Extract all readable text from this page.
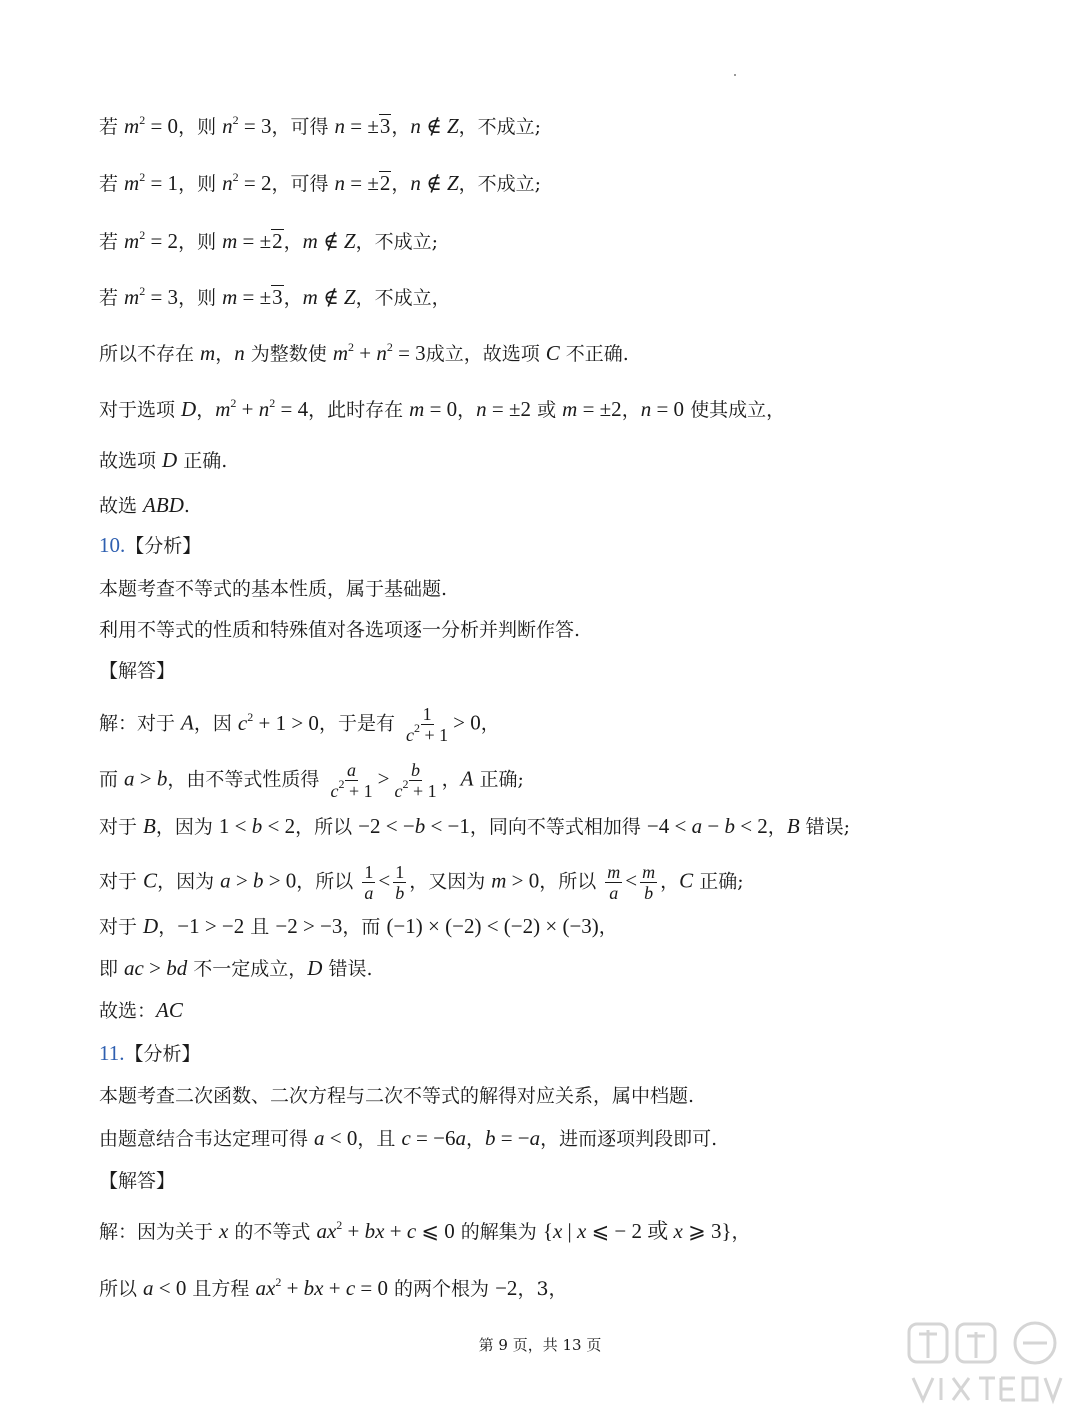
若 $m^2 = 0$，则 $n^2 = 3$，可得 n = ±3，n ∉ Z，不成立;
若 $m^2 = 1$，则 $n^2 = 2$，可得 n = ±2，n ∉ Z，不成立;
若 $m^2 = 2$，则 m = ±2，m ∉ Z，不成立;
若 $m^2 = 3$，则 m = ±3，m ∉ Z，不成立，
所以不存在 m，n 为整数使 $m^2 + n^2 = 3$成立，故选项 C 不正确.
对于选项 D，$m^2 + n^2 = 4$，此时存在 m = 0，n = ±2 或 m = ±2，n = 0 使其成立，
故选项 D 正确.
故选 ABD.
10.【分析】
本题考查不等式的基本性质，属于基础题.
利用不等式的性质和特殊值对各选项逐一分析并判断作答.
【解答】
解：对于 A，因 $c^2 + 1 > 0$，于是有 $\frac{1}{c^2 + 1} > 0$，
而 a > b，由不等式性质得 $\frac{a}{c^2 + 1} > \frac{b}{c^2 + 1}$ ，A 正确;
对于 B，因为 1 < b < 2，所以 −2 < −b < −1，同向不等式相加得 −4 < a − b < 2，B 错误;
对于 C，因为 a > b > 0，所以 $\frac{1}{a} < \frac{1}{b}$ ，又因为 m > 0，所以 $\frac{m}{a} < \frac{m}{b}$ ，C 正确;
对于 D，−1 > −2 且 −2 > −3，而 (−1) × (−2) < (−2) × (−3)，
即 ac > bd 不一定成立，D 错误.
故选：AC
11.【分析】
本题考查二次函数、二次方程与二次不等式的解得对应关系，属中档题.
由题意结合韦达定理可得 a < 0，且 c = −6a，b = −a，进而逐项判段即可.
【解答】
解：因为关于 x 的不等式 $ax^2$ + bx + c ⩽ 0 的解集为 {x | x ⩽ − 2 或 x ⩾ 3}，
所以 a < 0 且方程 $ax^2$ + bx + c = 0 的两个根为 −2，3，
第 9 页，共 13 页
